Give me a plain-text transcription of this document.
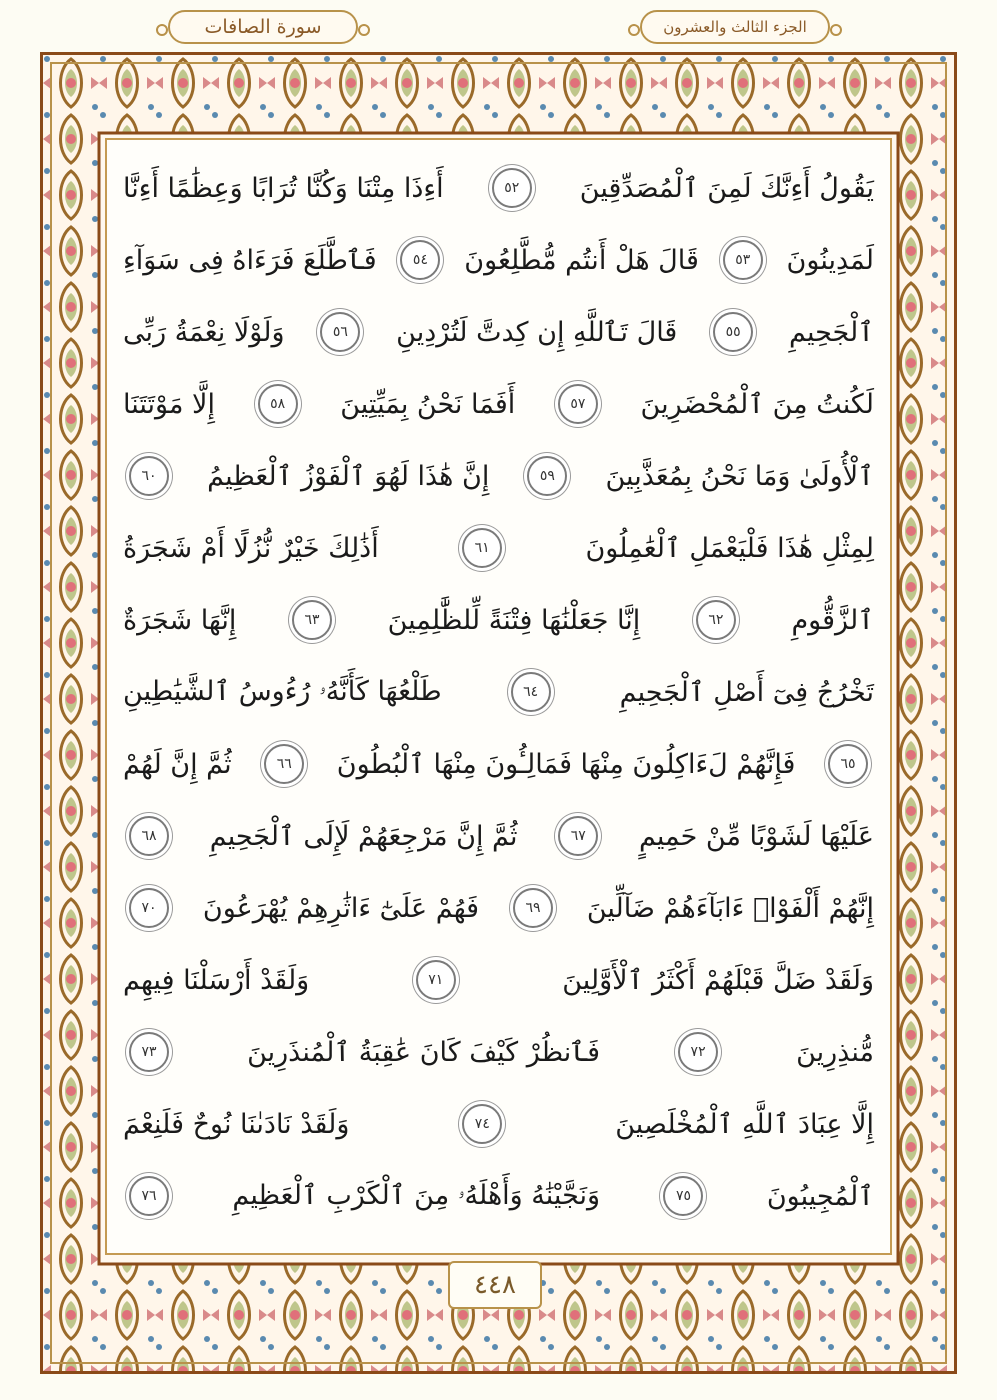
سورة الصافات	الجزء الثالث والعشرون
يَقُولُ أَءِنَّكَ لَمِنَ ٱلْمُصَدِّقِينَ
٥٢
أَءِذَا مِتْنَا وَكُنَّا تُرَابًا وَعِظَٰمًا أَءِنَّا
لَمَدِينُونَ
٥٣
قَالَ هَلْ أَنتُم مُّطَّلِعُونَ
٥٤
فَٱطَّلَعَ فَرَءَاهُ فِى سَوَآءِ
ٱلْجَحِيمِ
٥٥
قَالَ تَٱللَّهِ إِن كِدتَّ لَتُرْدِينِ
٥٦
وَلَوْلَا نِعْمَةُ رَبِّى
لَكُنتُ مِنَ ٱلْمُحْضَرِينَ
٥٧
أَفَمَا نَحْنُ بِمَيِّتِينَ
٥٨
إِلَّا مَوْتَتَنَا
ٱلْأُولَىٰ وَمَا نَحْنُ بِمُعَذَّبِينَ
٥٩
إِنَّ هَٰذَا لَهُوَ ٱلْفَوْزُ ٱلْعَظِيمُ
٦٠
لِمِثْلِ هَٰذَا فَلْيَعْمَلِ ٱلْعَٰمِلُونَ
٦١
أَذَٰلِكَ خَيْرٌ نُّزُلًا أَمْ شَجَرَةُ
ٱلزَّقُّومِ
٦٢
إِنَّا جَعَلْنَٰهَا فِتْنَةً لِّلظَّٰلِمِينَ
٦٣
إِنَّهَا شَجَرَةٌ
تَخْرُجُ فِىٓ أَصْلِ ٱلْجَحِيمِ
٦٤
طَلْعُهَا كَأَنَّهُۥ رُءُوسُ ٱلشَّيَٰطِينِ
٦٥
فَإِنَّهُمْ لَءَاكِلُونَ مِنْهَا فَمَالِـُٔونَ مِنْهَا ٱلْبُطُونَ
٦٦
ثُمَّ إِنَّ لَهُمْ
عَلَيْهَا لَشَوْبًا مِّنْ حَمِيمٍ
٦٧
ثُمَّ إِنَّ مَرْجِعَهُمْ لَإِلَى ٱلْجَحِيمِ
٦٨
إِنَّهُمْ أَلْفَوْا۟ ءَابَآءَهُمْ ضَآلِّينَ
٦٩
فَهُمْ عَلَىٰٓ ءَاثَٰرِهِمْ يُهْرَعُونَ
٧٠
وَلَقَدْ ضَلَّ قَبْلَهُمْ أَكْثَرُ ٱلْأَوَّلِينَ
٧١
وَلَقَدْ أَرْسَلْنَا فِيهِم
مُّنذِرِينَ
٧٢
فَٱنظُرْ كَيْفَ كَانَ عَٰقِبَةُ ٱلْمُنذَرِينَ
٧٣
إِلَّا عِبَادَ ٱللَّهِ ٱلْمُخْلَصِينَ
٧٤
وَلَقَدْ نَادَىٰنَا نُوحٌ فَلَنِعْمَ
ٱلْمُجِيبُونَ
٧٥
وَنَجَّيْنَٰهُ وَأَهْلَهُۥ مِنَ ٱلْكَرْبِ ٱلْعَظِيمِ
٧٦
٤٤٨
